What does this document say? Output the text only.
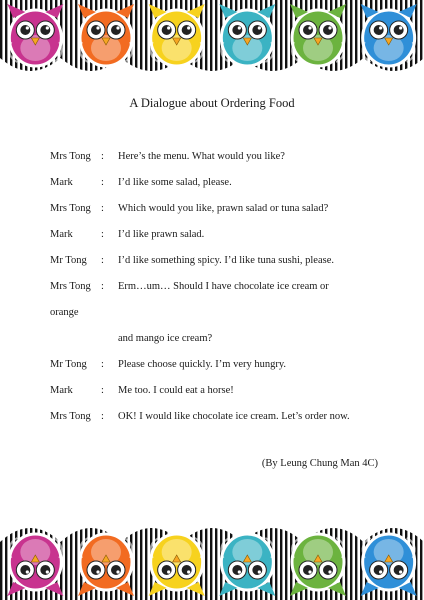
A Dialogue about Ordering Food
Mrs Tong : Here’s the menu. What would you like?
Mark	: I’d like some salad, please.
Mrs Tong : Which would you like, prawn salad or tuna salad?
Mark	: I’d like prawn salad.
Mr Tong : I’d like something spicy. I’d like tuna sushi, please.
Mrs Tong : Erm…um… Should I have chocolate ice cream or
orange
and mango ice cream?
Mr Tong : Please choose quickly. I’m very hungry.
Mark	: Me too. I could eat a horse!
Mrs Tong : OK! I would like chocolate ice cream. Let’s order now.
(By Leung Chung Man 4C)
